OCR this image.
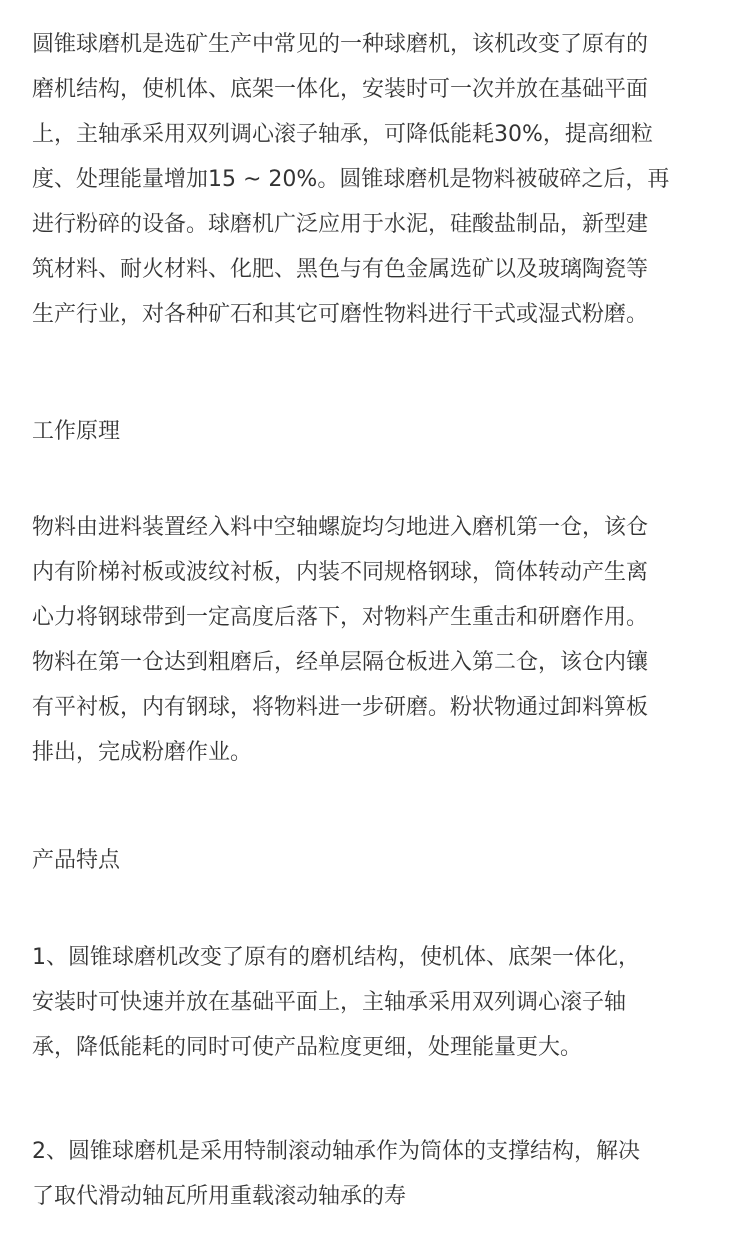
圆锥球磨机是选矿生产中常见的一种球磨机，该机改变了原有的
磨机结构，使机体、底架一体化，安装时可一次并放在基础平面
上，主轴承采用双列调心滚子轴承，可降低能耗30%，提高细粒
度、处理能量增加15 ~ 20%。圆锥球磨机是物料被破碎之后，再
进行粉碎的设备。球磨机广泛应用于水泥，硅酸盐制品，新型建
筑材料、耐火材料、化肥、黑色与有色金属选矿以及玻璃陶瓷等
生产行业，对各种矿石和其它可磨性物料进行干式或湿式粉磨。

工作原理

物料由进料装置经入料中空轴螺旋均匀地进入磨机第一仓，该仓
内有阶梯衬板或波纹衬板，内装不同规格钢球，筒体转动产生离
心力将钢球带到一定高度后落下，对物料产生重击和研磨作用。
物料在第一仓达到粗磨后，经单层隔仓板进入第二仓，该仓内镶
有平衬板，内有钢球，将物料进一步研磨。粉状物通过卸料箅板
排出，完成粉磨作业。

产品特点

1、圆锥球磨机改变了原有的磨机结构，使机体、底架一体化，
安装时可快速并放在基础平面上，主轴承采用双列调心滚子轴
承，降低能耗的同时可使产品粒度更细，处理能量更大。

2、圆锥球磨机是采用特制滚动轴承作为筒体的支撑结构，解决
了取代滑动轴瓦所用重载滚动轴承的寿
